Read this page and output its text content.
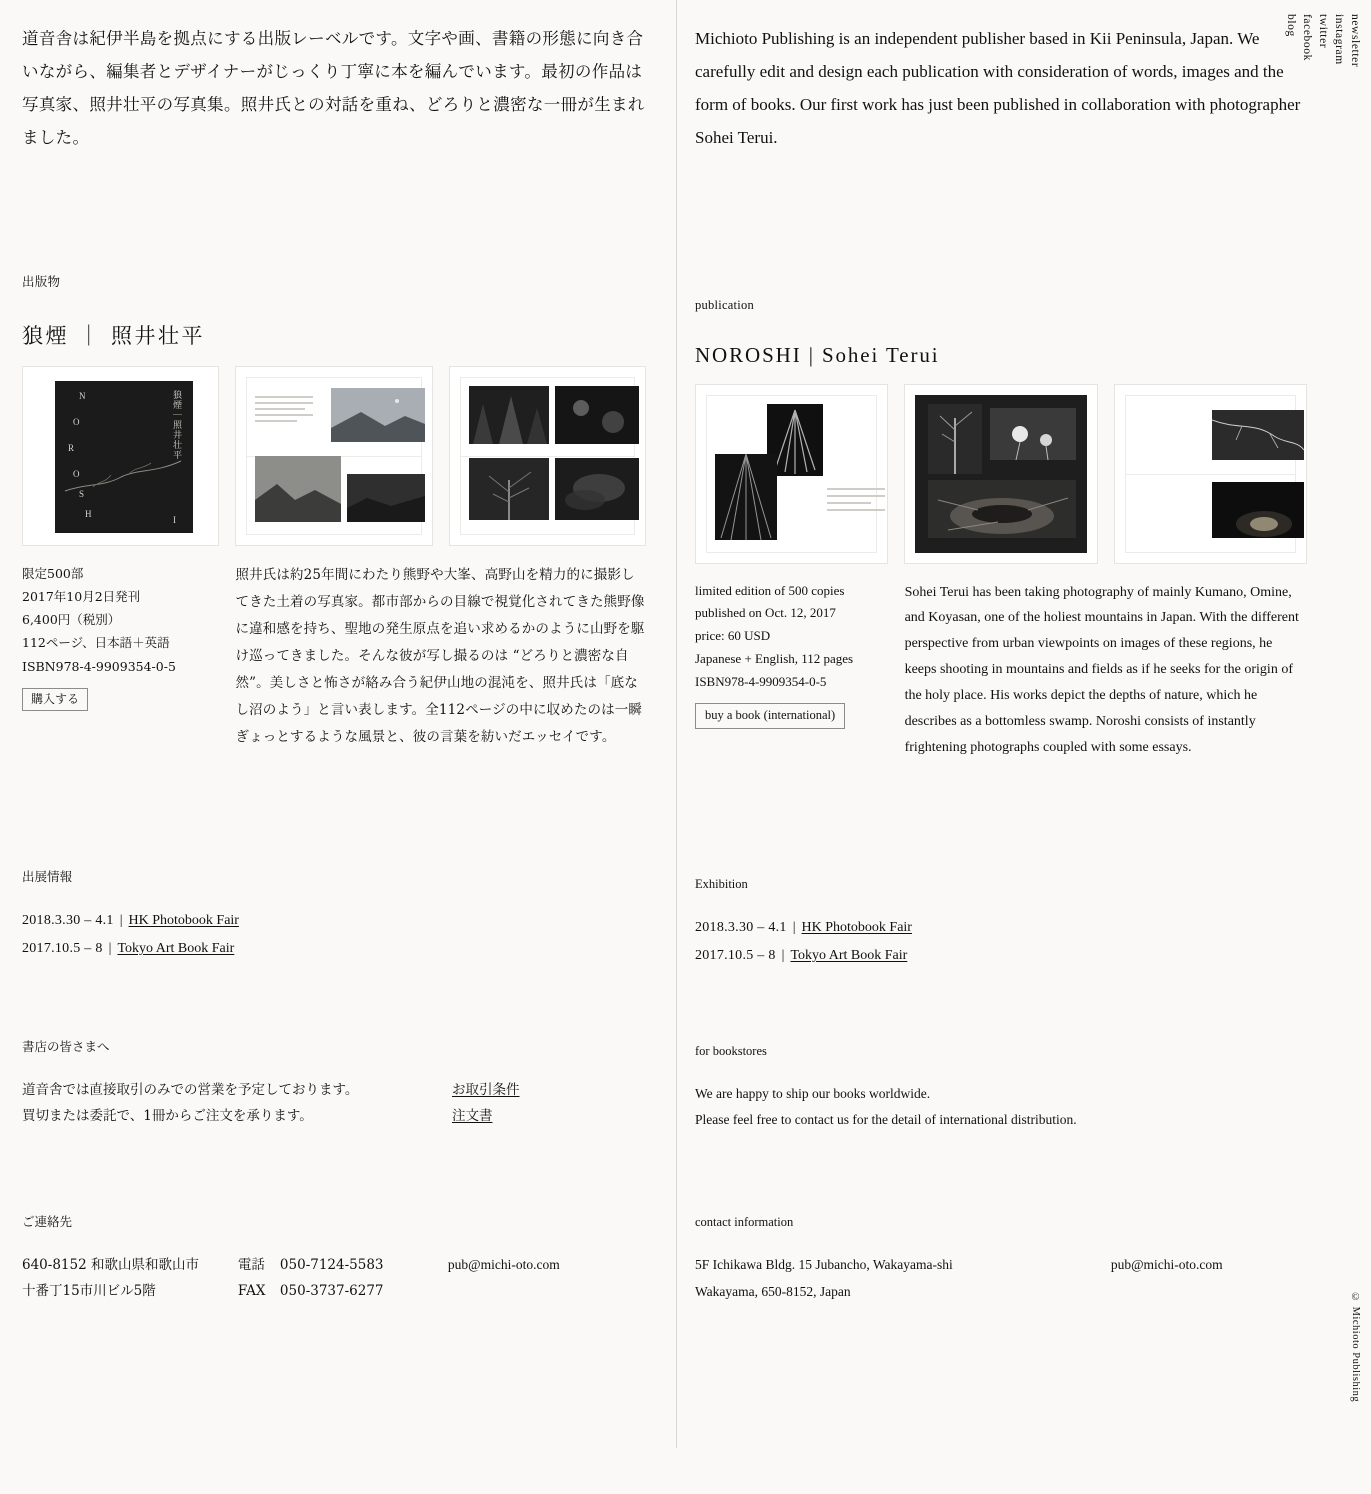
道音舎は紀伊半島を拠点にする出版レーベルです。文字や画、書籍の形態に向き合いながら、編集者とデザイナーがじっくり丁寧に本を編んでいます。最初の作品は写真家、照井壮平の写真集。照井氏との対話を重ね、どろりと濃密な一冊が生まれました。

出版物
狼煙 ｜ 照井壮平
N
O
R
O
S
H
I
狼煙｜照井壮平
限定500部
2017年10月2日発刊
6,400円（税別）
112ページ、日本語＋英語
ISBN978-4-9909354-0-5
購入する
照井氏は約25年間にわたり熊野や大峯、高野山を精力的に撮影してきた土着の写真家。都市部からの目線で視覚化されてきた熊野像に違和感を持ち、聖地の発生原点を追い求めるかのように山野を駆け巡ってきました。そんな彼が写し撮るのは “どろりと濃密な自然”。美しさと怖さが絡み合う紀伊山地の混沌を、照井氏は「底なし沼のよう」と言い表します。全112ページの中に収めたのは一瞬ぎょっとするような風景と、彼の言葉を紡いだエッセイです。
出展情報
2018.3.30 – 4.1 | HK Photobook Fair
2017.10.5 – 8 | Tokyo Art Book Fair
書店の皆さまへ
道音舎では直接取引のみでの営業を予定しております。
買切または委託で、1冊からご注文を承ります。
お取引条件
注文書
ご連絡先
640-8152 和歌山県和歌山市
十番丁15市川ビル5階
電話 050-7124-5583
FAX 050-3737-6277
pub@michi-oto.com

Michioto Publishing is an independent publisher based in Kii Peninsula, Japan. We carefully edit and design each publication with consideration of words, images and the form of books. Our first work has just been published in collaboration with photographer Sohei Terui.

publication
NOROSHI | Sohei Terui
limited edition of 500 copies
published on Oct. 12, 2017
price: 60 USD
Japanese + English, 112 pages
ISBN978-4-9909354-0-5
buy a book (international)
Sohei Terui has been taking photography of mainly Kumano, Omine, and Koyasan, one of the holiest mountains in Japan. With the different perspective from urban viewpoints on images of these regions, he keeps shooting in mountains and fields as if he seeks for the origin of the holy place. His works depict the depths of nature, which he describes as a bottomless swamp. Noroshi consists of instantly frightening photographs coupled with some essays.
Exhibition
2018.3.30 – 4.1 | HK Photobook Fair
2017.10.5 – 8 | Tokyo Art Book Fair
for bookstores
We are happy to ship our books worldwide.
Please feel free to contact us for the detail of international distribution.
contact information
5F Ichikawa Bldg. 15 Jubancho, Wakayama-shi
Wakayama, 650-8152, Japan
pub@michi-oto.com
blog facebook twitter instagram newsletter
© Michioto Publishing
